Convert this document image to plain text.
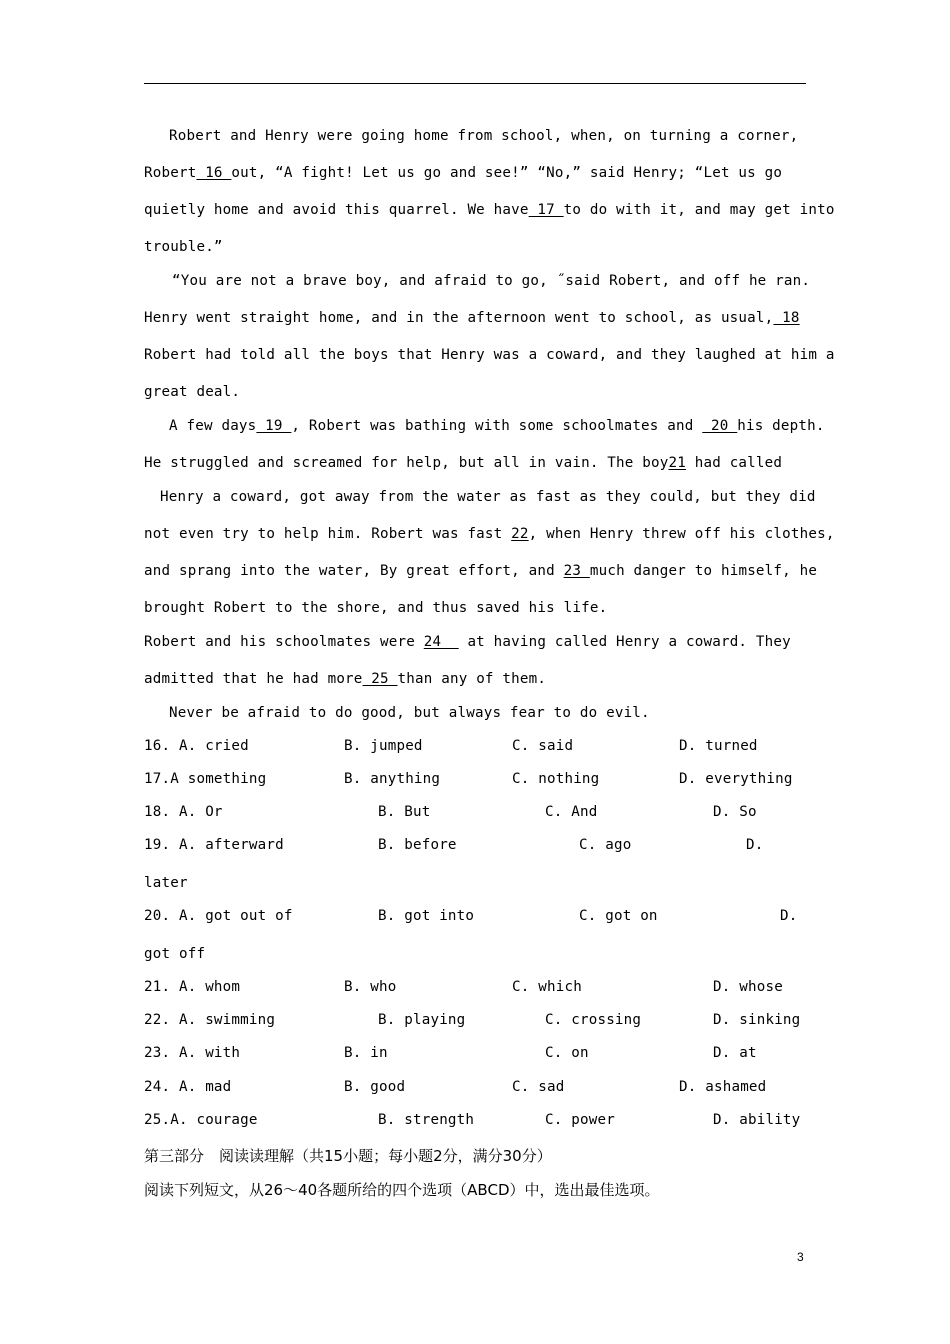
Robert and Henry were going home from school, when, on turning a corner,
Robert 16 out, “A fight! Let us go and see!” “No,” said Henry; “Let us go
quietly home and avoid this quarrel. We have 17 to do with it, and may get into
trouble.”
“You are not a brave boy, and afraid to go, ˝said Robert, and off he ran.
Henry went straight home, and in the afternoon went to school, as usual, 18
Robert had told all the boys that Henry was a coward, and they laughed at him a
great deal.
A few days 19 , Robert was bathing with some schoolmates and  20 his depth.
He struggled and screamed for help, but all in vain. The boy21 had called
Henry a coward, got away from the water as fast as they could, but they did
not even try to help him. Robert was fast 22, when Henry threw off his clothes,
and sprang into the water, By great effort, and 23 much danger to himself, he
brought Robert to the shore, and thus saved his life.
Robert and his schoolmates were 24   at having called Henry a coward. They
admitted that he had more 25 than any of them.
Never be afraid to do good, but always fear to do evil.
16. A. cried	B. jumped	C. said	D. turned
17.A something	B. anything	C. nothing	D. everything
18. A. Or	B. But	C. And	D. So
19. A. afterward	B. before	C. ago	D.
later
20. A. got out of	B. got into	C. got on	D.
got off
21. A. whom	B. who	C. which	D. whose
22. A. swimming	B. playing	C. crossing	D. sinking
23. A. with	B. in	C. on	D. at
24. A. mad	B. good	C. sad	D. ashamed
25.A. courage	B. strength	C. power	D. ability
第三部分　阅读读理解（共15小题；每小题2分，满分30分）
阅读下列短文，从26～40各题所给的四个选项（ABCD）中，选出最佳选项。
3
